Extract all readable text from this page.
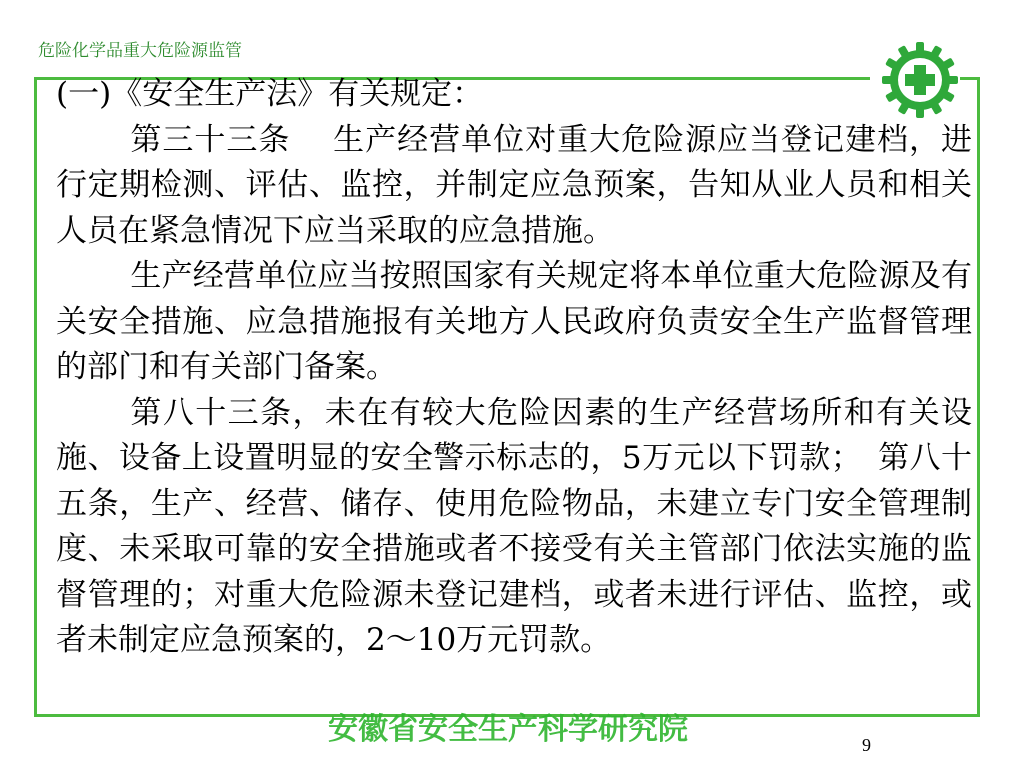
危险化学品重大危险源监管

(一)《安全生产法》有关规定：

第三十三条　 生产经营单位对重大危险源应当登记建档，进行定期检测、评估、监控，并制定应急预案，告知从业人员和相关人员在紧急情况下应当采取的应急措施。

生产经营单位应当按照国家有关规定将本单位重大危险源及有关安全措施、应急措施报有关地方人民政府负责安全生产监督管理的部门和有关部门备案。

第八十三条，未在有较大危险因素的生产经营场所和有关设施、设备上设置明显的安全警示标志的，5万元以下罚款；　第八十五条，生产、经营、储存、使用危险物品，未建立专门安全管理制度、未采取可靠的安全措施或者不接受有关主管部门依法实施的监督管理的；对重大危险源未登记建档，或者未进行评估、监控，或者未制定应急预案的，2～10万元罚款。

安徽省安全生产科学研究院	9
